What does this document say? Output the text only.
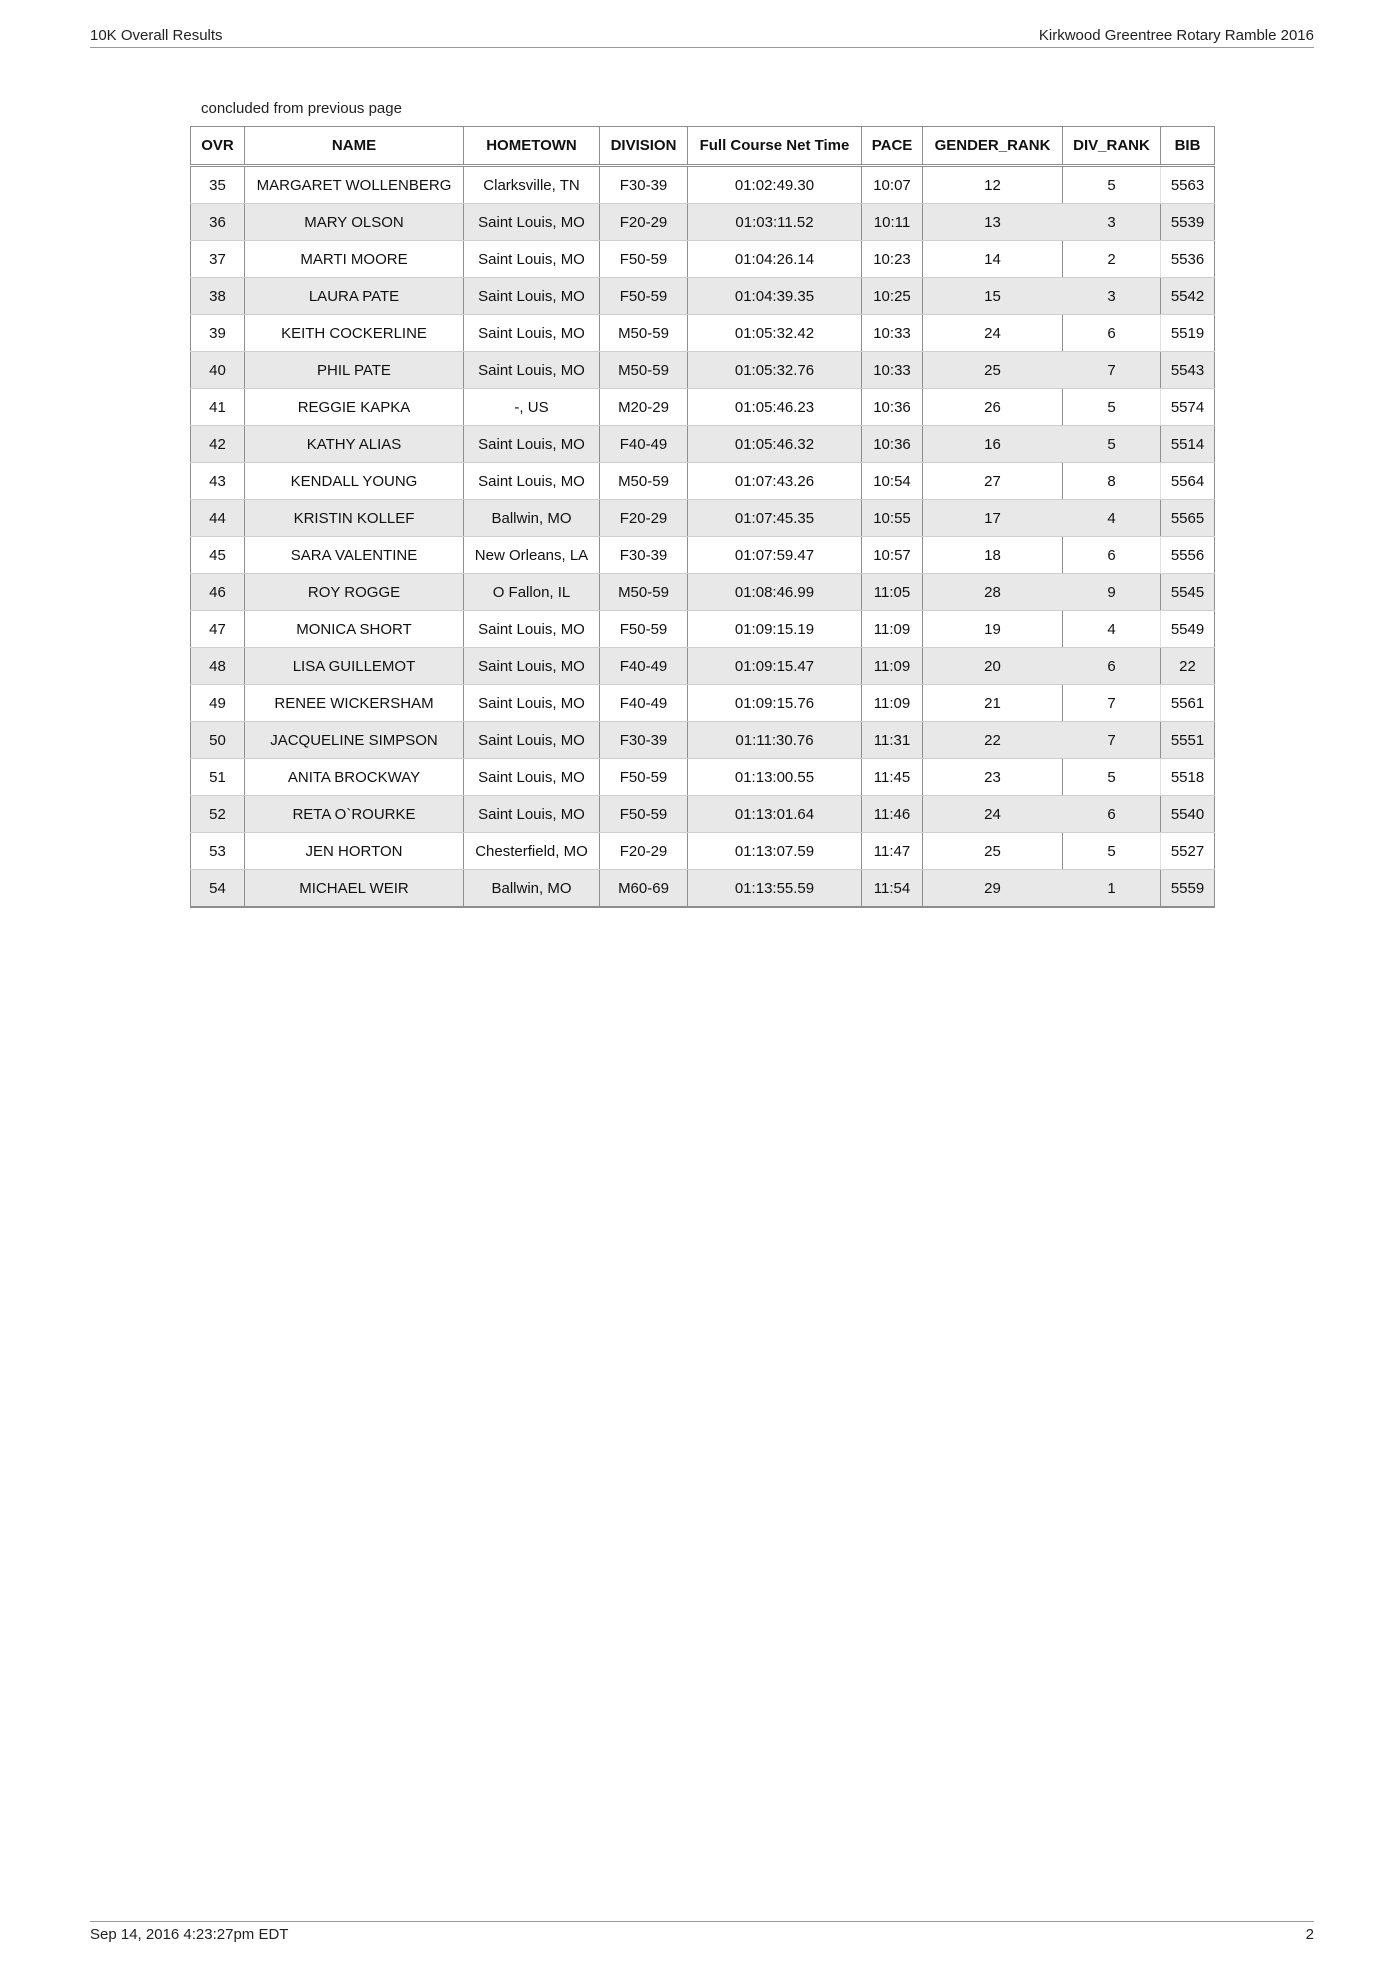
10K Overall Results	Kirkwood Greentree Rotary Ramble 2016
concluded from previous page
OVR	NAME	HOMETOWN	DIVISION	Full Course Net Time	PACE	GENDER_RANK	DIV_RANK	BIB
35	MARGARET WOLLENBERG	Clarksville, TN	F30-39	01:02:49.30	10:07	12	5	5563
36	MARY OLSON	Saint Louis, MO	F20-29	01:03:11.52	10:11	13	3	5539
37	MARTI MOORE	Saint Louis, MO	F50-59	01:04:26.14	10:23	14	2	5536
38	LAURA PATE	Saint Louis, MO	F50-59	01:04:39.35	10:25	15	3	5542
39	KEITH COCKERLINE	Saint Louis, MO	M50-59	01:05:32.42	10:33	24	6	5519
40	PHIL PATE	Saint Louis, MO	M50-59	01:05:32.76	10:33	25	7	5543
41	REGGIE KAPKA	-, US	M20-29	01:05:46.23	10:36	26	5	5574
42	KATHY ALIAS	Saint Louis, MO	F40-49	01:05:46.32	10:36	16	5	5514
43	KENDALL YOUNG	Saint Louis, MO	M50-59	01:07:43.26	10:54	27	8	5564
44	KRISTIN KOLLEF	Ballwin, MO	F20-29	01:07:45.35	10:55	17	4	5565
45	SARA VALENTINE	New Orleans, LA	F30-39	01:07:59.47	10:57	18	6	5556
46	ROY ROGGE	O Fallon, IL	M50-59	01:08:46.99	11:05	28	9	5545
47	MONICA SHORT	Saint Louis, MO	F50-59	01:09:15.19	11:09	19	4	5549
48	LISA GUILLEMOT	Saint Louis, MO	F40-49	01:09:15.47	11:09	20	6	22
49	RENEE WICKERSHAM	Saint Louis, MO	F40-49	01:09:15.76	11:09	21	7	5561
50	JACQUELINE SIMPSON	Saint Louis, MO	F30-39	01:11:30.76	11:31	22	7	5551
51	ANITA BROCKWAY	Saint Louis, MO	F50-59	01:13:00.55	11:45	23	5	5518
52	RETA O`ROURKE	Saint Louis, MO	F50-59	01:13:01.64	11:46	24	6	5540
53	JEN HORTON	Chesterfield, MO	F20-29	01:13:07.59	11:47	25	5	5527
54	MICHAEL WEIR	Ballwin, MO	M60-69	01:13:55.59	11:54	29	1	5559
Sep 14, 2016 4:23:27pm EDT	2
